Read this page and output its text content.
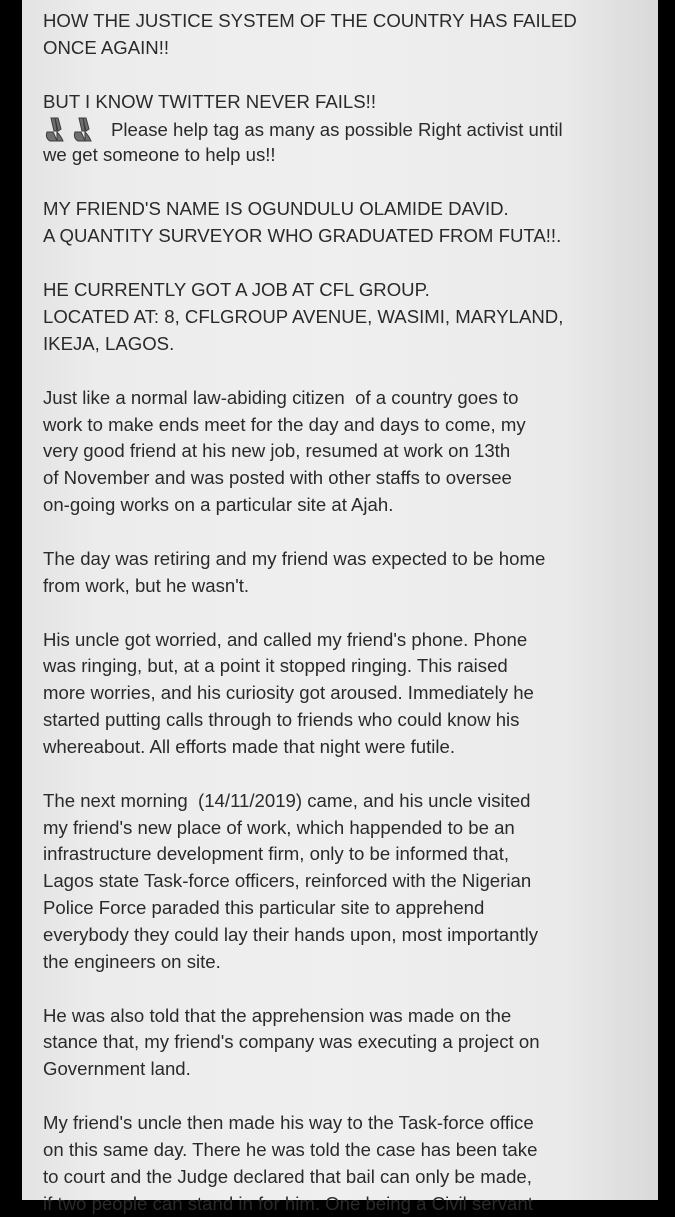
HOW THE JUSTICE SYSTEM OF THE COUNTRY HAS FAILED
ONCE AGAIN!!
BUT I KNOW TWITTER NEVER FAILS!!
Please help tag as many as possible Right activist until
we get someone to help us!!
MY FRIEND'S NAME IS OGUNDULU OLAMIDE DAVID.
A QUANTITY SURVEYOR WHO GRADUATED FROM FUTA!!.
HE CURRENTLY GOT A JOB AT CFL GROUP.
LOCATED AT: 8, CFLGROUP AVENUE, WASIMI, MARYLAND,
IKEJA, LAGOS.
Just like a normal law-abiding citizen  of a country goes to
work to make ends meet for the day and days to come, my
very good friend at his new job, resumed at work on 13th
of November and was posted with other staffs to oversee
on-going works on a particular site at Ajah.
The day was retiring and my friend was expected to be home
from work, but he wasn't.
His uncle got worried, and called my friend's phone. Phone
was ringing, but, at a point it stopped ringing. This raised
more worries, and his curiosity got aroused. Immediately he
started putting calls through to friends who could know his
whereabout. All efforts made that night were futile.
The next morning  (14/11/2019) came, and his uncle visited
my friend's new place of work, which happended to be an
infrastructure development firm, only to be informed that,
Lagos state Task-force officers, reinforced with the Nigerian
Police Force paraded this particular site to apprehend
everybody they could lay their hands upon, most importantly
the engineers on site.
He was also told that the apprehension was made on the
stance that, my friend's company was executing a project on
Government land.
My friend's uncle then made his way to the Task-force office
on this same day. There he was told the case has been take
to court and the Judge declared that bail can only be made,
if two people can stand in for him. One being a Civil servant
